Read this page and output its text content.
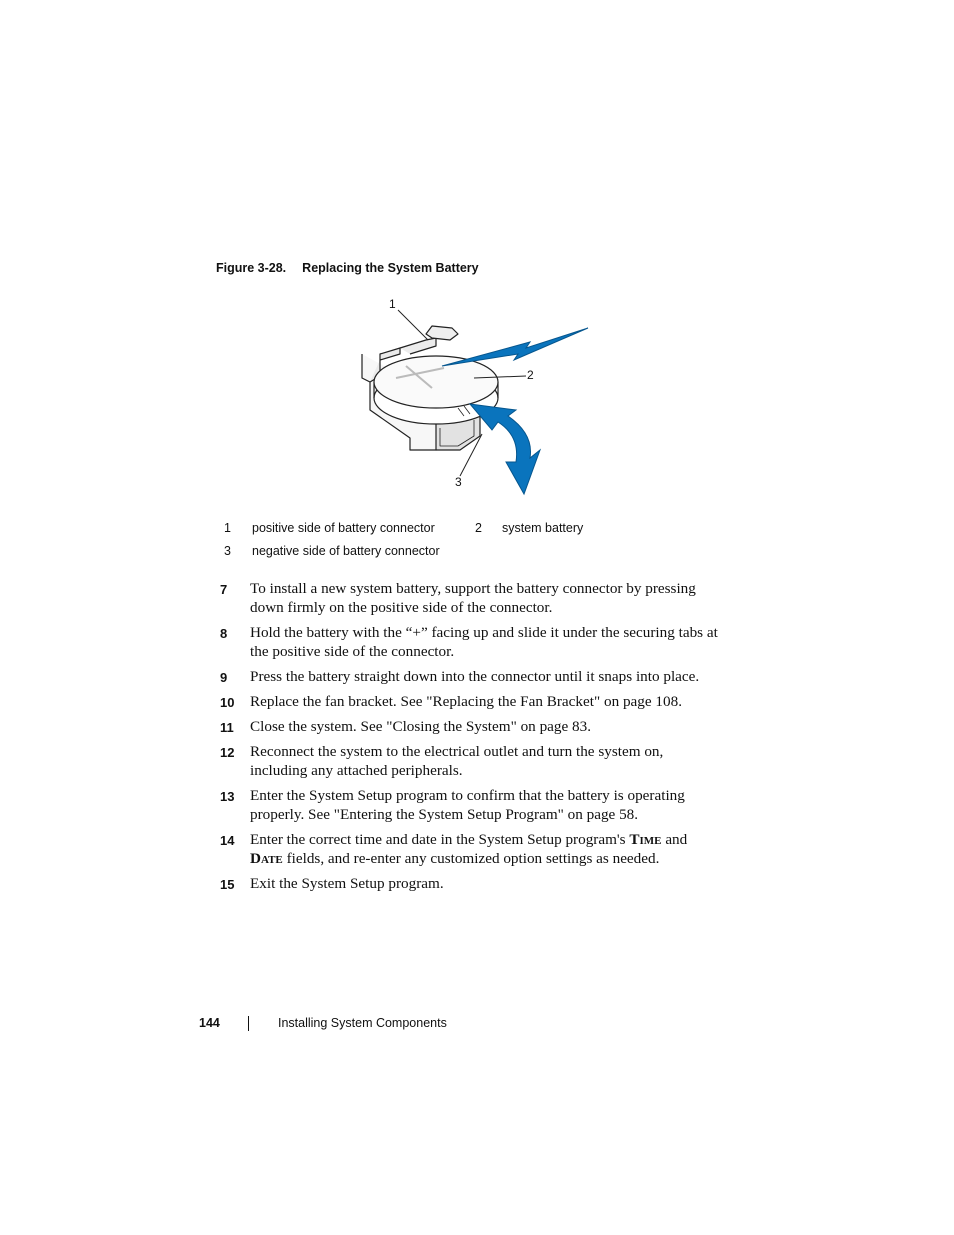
Figure 3-28. Replacing the System Battery
1
2
3
1 positive side of battery connector	2 system battery
3 negative side of battery connector
7 To install a new system battery, support the battery connector by pressing down firmly on the positive side of the connector.
8 Hold the battery with the “+” facing up and slide it under the securing tabs at the positive side of the connector.
9 Press the battery straight down into the connector until it snaps into place.
10 Replace the fan bracket. See "Replacing the Fan Bracket" on page 108.
11 Close the system. See "Closing the System" on page 83.
12 Reconnect the system to the electrical outlet and turn the system on, including any attached peripherals.
13 Enter the System Setup program to confirm that the battery is operating properly. See "Entering the System Setup Program" on page 58.
14 Enter the correct time and date in the System Setup program's Time and Date fields, and re-enter any customized option settings as needed.
15 Exit the System Setup program.
144	Installing System Components
